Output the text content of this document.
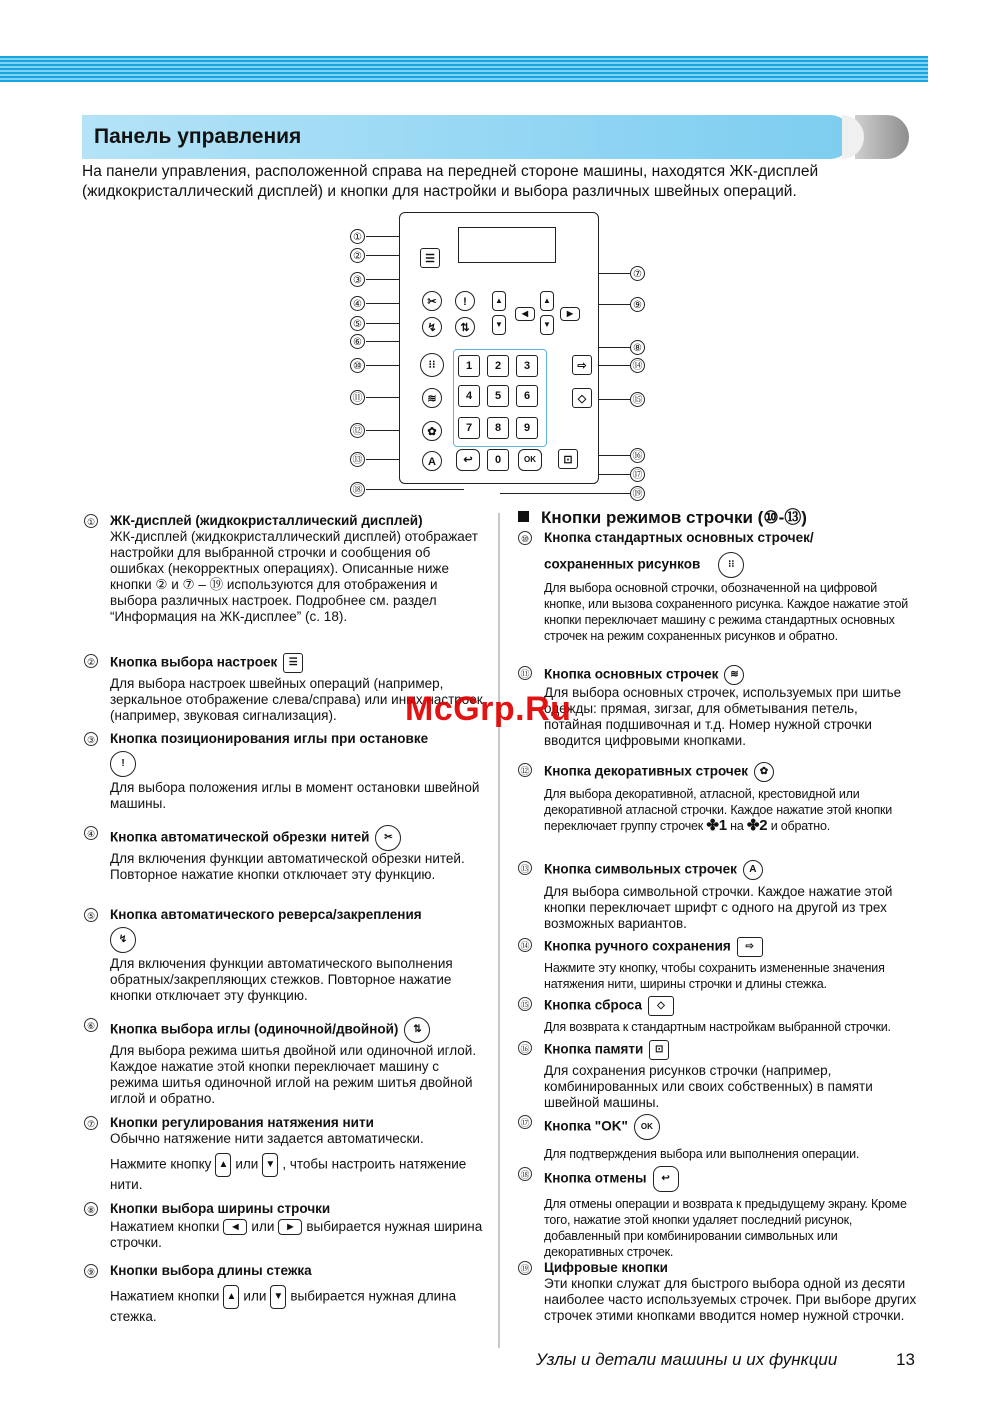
Панель управления
На панели управления, расположенной справа на передней стороне машины, находятся ЖК-дисплей (жидкокристаллический дисплей) и кнопки для настройки и выбора различных швейных операций.
①
②
③
④
⑤
⑥
⑩
⑪
⑫
⑬
⑱
⑦
⑨
⑧
⑭
⑮
⑯
⑰
⑲
☰
✂	!
↯	⇅
▲
▼
◀
▲
▼
▶
⁝⁝
≋
✿
A
1	2	3
4	5	6
7	8	9
↩	0	OK
⇨
◇
⊡
① ЖК-дисплей (жидкокристаллический дисплей)
ЖК-дисплей (жидкокристаллический дисплей) отображает настройки для выбранной строчки и сообщения об ошибках (некорректных операциях). Описанные ниже кнопки ② и ⑦ – ⑲ используются для отображения и выбора различных настроек. Подробнее см. раздел “Информация на ЖК-дисплее” (с. 18).
② Кнопка выбора настроек ☰
Для выбора настроек швейных операций (например, зеркальное отображение слева/справа) или иных настроек (например, звуковая сигнализация).
③ Кнопка позиционирования иглы при остановке
!
Для выбора положения иглы в момент остановки швейной машины.
④ Кнопка автоматической обрезки нитей ✂
Для включения функции автоматической обрезки нитей. Повторное нажатие кнопки отключает эту функцию.
⑤ Кнопка автоматического реверса/закрепления
↯
Для включения функции автоматического выполнения обратных/закрепляющих стежков. Повторное нажатие кнопки отключает эту функцию.
⑥ Кнопка выбора иглы (одиночной/двойной) ⇅
Для выбора режима шитья двойной или одиночной иглой. Каждое нажатие этой кнопки переключает машину с режима шитья одиночной иглой на режим шитья двойной иглой и обратно.
⑦ Кнопки регулирования натяжения нити
Обычно натяжение нити задается автоматически.
Нажмите кнопку ▲ или ▼ , чтобы настроить натяжение нити.
⑧ Кнопки выбора ширины строчки
Нажатием кнопки ◀ или ▶ выбирается нужная ширина строчки.
⑨ Кнопки выбора длины стежка
Нажатием кнопки ▲ или ▼ выбирается нужная длина стежка.
Кнопки режимов строчки (⑩-⑬)
⑩ Кнопка стандартных основных строчек/
сохраненных рисунков	⁝⁝
Для выбора основной строчки, обозначенной на цифровой кнопке, или вызова сохраненного рисунка. Каждое нажатие этой кнопки переключает машину с режима стандартных основных строчек на режим сохраненных рисунков и обратно.
⑪ Кнопка основных строчек ≋
Для выбора основных строчек, используемых при шитье одежды: прямая, зигзаг, для обметывания петель, потайная подшивочная и т.д. Номер нужной строчки вводится цифровыми кнопками.
⑫ Кнопка декоративных строчек ✿
Для выбора декоративной, атласной, крестовидной или декоративной атласной строчки. Каждое нажатие этой кнопки переключает группу строчек ✤1 на ✤2 и обратно.
⑬ Кнопка символьных строчек A
Для выбора символьной строчки. Каждое нажатие этой кнопки переключает шрифт с одного на другой из трех возможных вариантов.
⑭ Кнопка ручного сохранения ⇨
Нажмите эту кнопку, чтобы сохранить измененные значения натяжения нити, ширины строчки и длины стежка.
⑮ Кнопка сброса ◇
Для возврата к стандартным настройкам выбранной строчки.
⑯ Кнопка памяти ⊡
Для сохранения рисунков строчки (например, комбинированных или своих собственных) в памяти швейной машины.
⑰ Кнопка "OK" OK
Для подтверждения выбора или выполнения операции.
⑱ Кнопка отмены ↩
Для отмены операции и возврата к предыдущему экрану. Кроме того, нажатие этой кнопки удаляет последний рисунок, добавленный при комбинировании символьных или декоративных строчек.
⑲ Цифровые кнопки
Эти кнопки служат для быстрого выбора одной из десяти наиболее часто используемых строчек. При выборе других строчек этими кнопками вводится номер нужной строчки.
McGrp.Ru
Узлы и детали машины и их функции	13
